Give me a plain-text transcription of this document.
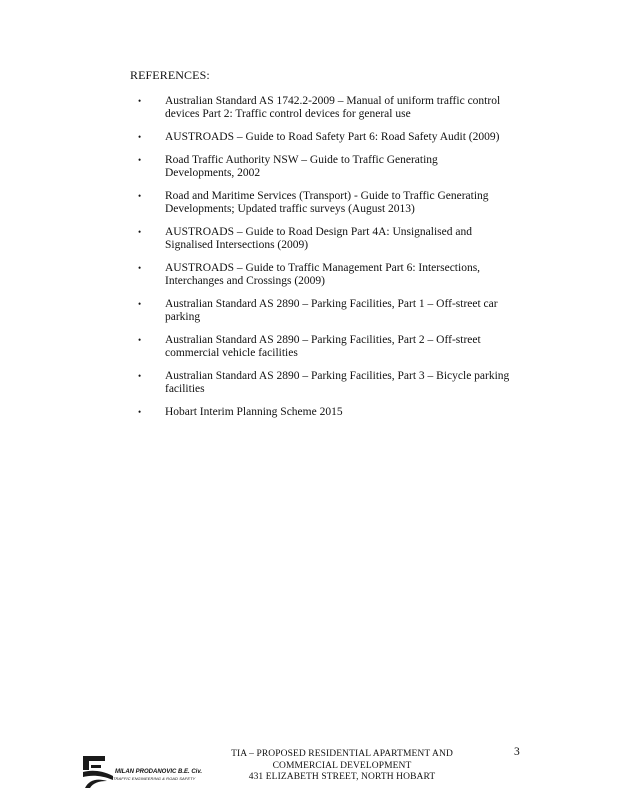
REFERENCES:
• Australian Standard AS 1742.2-2009 – Manual of uniform traffic control
devices Part 2: Traffic control devices for general use
• AUSTROADS – Guide to Road Safety Part 6: Road Safety Audit (2009)
• Road Traffic Authority NSW – Guide to Traffic Generating
Developments, 2002
• Road and Maritime Services (Transport) - Guide to Traffic Generating
Developments; Updated traffic surveys (August 2013)
• AUSTROADS – Guide to Road Design Part 4A: Unsignalised and
Signalised Intersections (2009)
• AUSTROADS – Guide to Traffic Management Part 6: Intersections,
Interchanges and Crossings (2009)
• Australian Standard AS 2890 – Parking Facilities, Part 1 – Off-street car
parking
• Australian Standard AS 2890 – Parking Facilities, Part 2 – Off-street
commercial vehicle facilities
• Australian Standard AS 2890 – Parking Facilities, Part 3 – Bicycle parking
facilities
• Hobart Interim Planning Scheme 2015
MILAN PRODANOVIC B.E. Civ.
TRAFFIC ENGINEERING & ROAD SAFETY
TIA – PROPOSED RESIDENTIAL APARTMENT AND
COMMERCIAL DEVELOPMENT
431 ELIZABETH STREET, NORTH HOBART
3
